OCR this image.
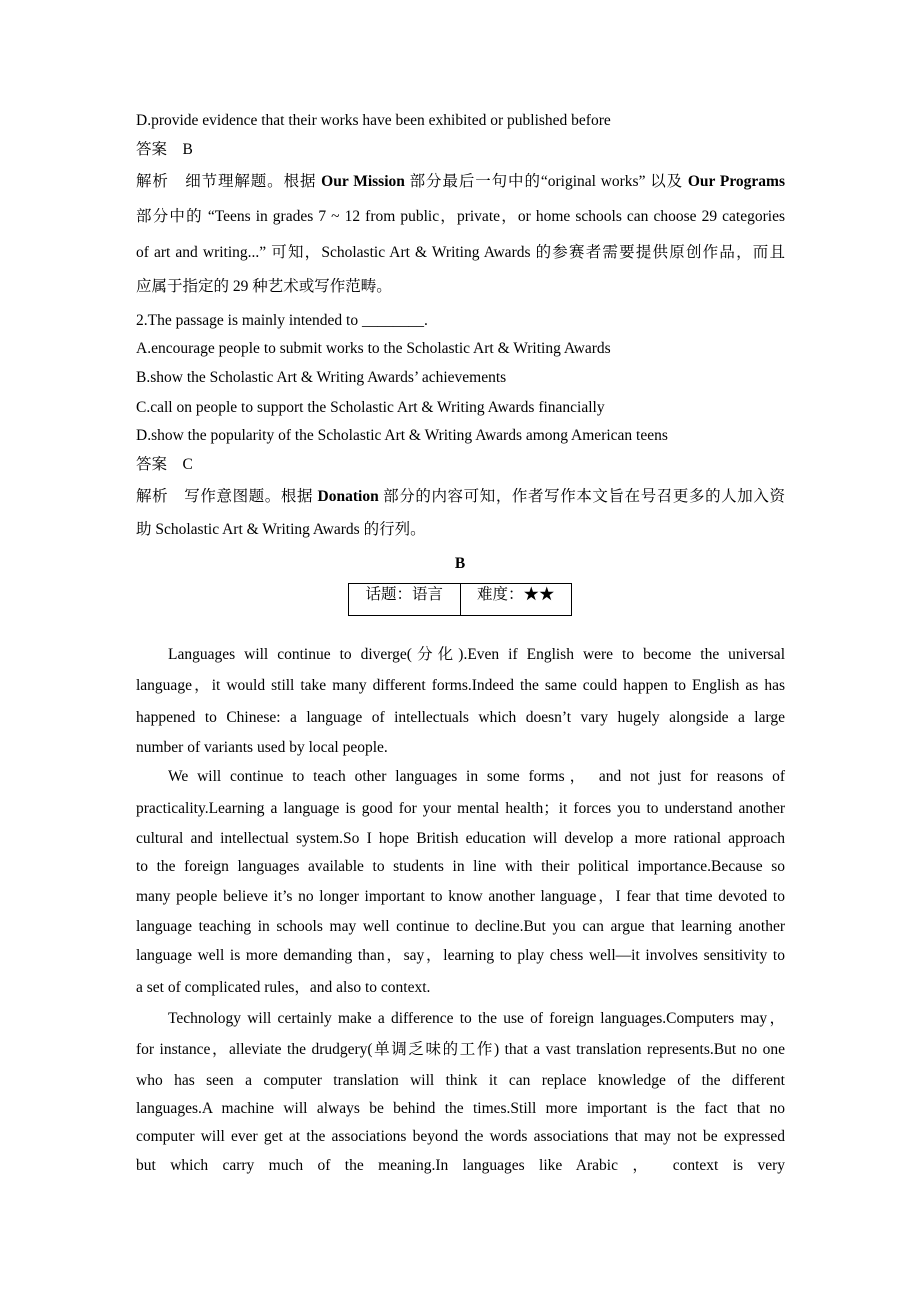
B
话题：语言	难度：★★
D.provide evidence that their works have been exhibited or published before
答案　B
解析　细节理解题。根据 Our Mission 部分最后一句中的“original works” 以及 Our Programs
部分中的 “Teens in grades 7 ~ 12 from public，private，or home schools can choose 29 categories
of art and writing...” 可知，Scholastic Art & Writing Awards 的参赛者需要提供原创作品，而且
应属于指定的 29 种艺术或写作范畴。
2.The passage is mainly intended to ________.
A.encourage people to submit works to the Scholastic Art & Writing Awards
B.show the Scholastic Art & Writing Awards’ achievements
C.call on people to support the Scholastic Art & Writing Awards financially
D.show the popularity of the Scholastic Art & Writing Awards among American teens
答案　C
解析　写作意图题。根据 Donation 部分的内容可知，作者写作本文旨在号召更多的人加入资
助 Scholastic Art & Writing Awards 的行列。
Languages will continue to diverge(分化).Even if English were to become the universal
language，it would still take many different forms.Indeed the same could happen to English as has
happened to Chinese: a language of intellectuals which doesn’t vary hugely alongside a large
number of variants used by local people.
We will continue to teach other languages in some forms， and not just for reasons of
practicality.Learning a language is good for your mental health；it forces you to understand another
cultural and intellectual system.So I hope British education will develop a more rational approach
to the foreign languages available to students in line with their political importance.Because so
many people believe it’s no longer important to know another language，I fear that time devoted to
language teaching in schools may well continue to decline.But you can argue that learning another
language well is more demanding than，say，learning to play chess well—it involves sensitivity to
a set of complicated rules，and also to context.
Technology will certainly make a difference to the use of foreign languages.Computers may，
for instance，alleviate the drudgery(单调乏味的工作) that a vast translation represents.But no one
who has seen a computer translation will think it can replace knowledge of the different
languages.A machine will always be behind the times.Still more important is the fact that no
computer will ever get at the associations beyond the words associations that may not be expressed
but which carry much of the meaning.In languages like Arabic ， context is very
